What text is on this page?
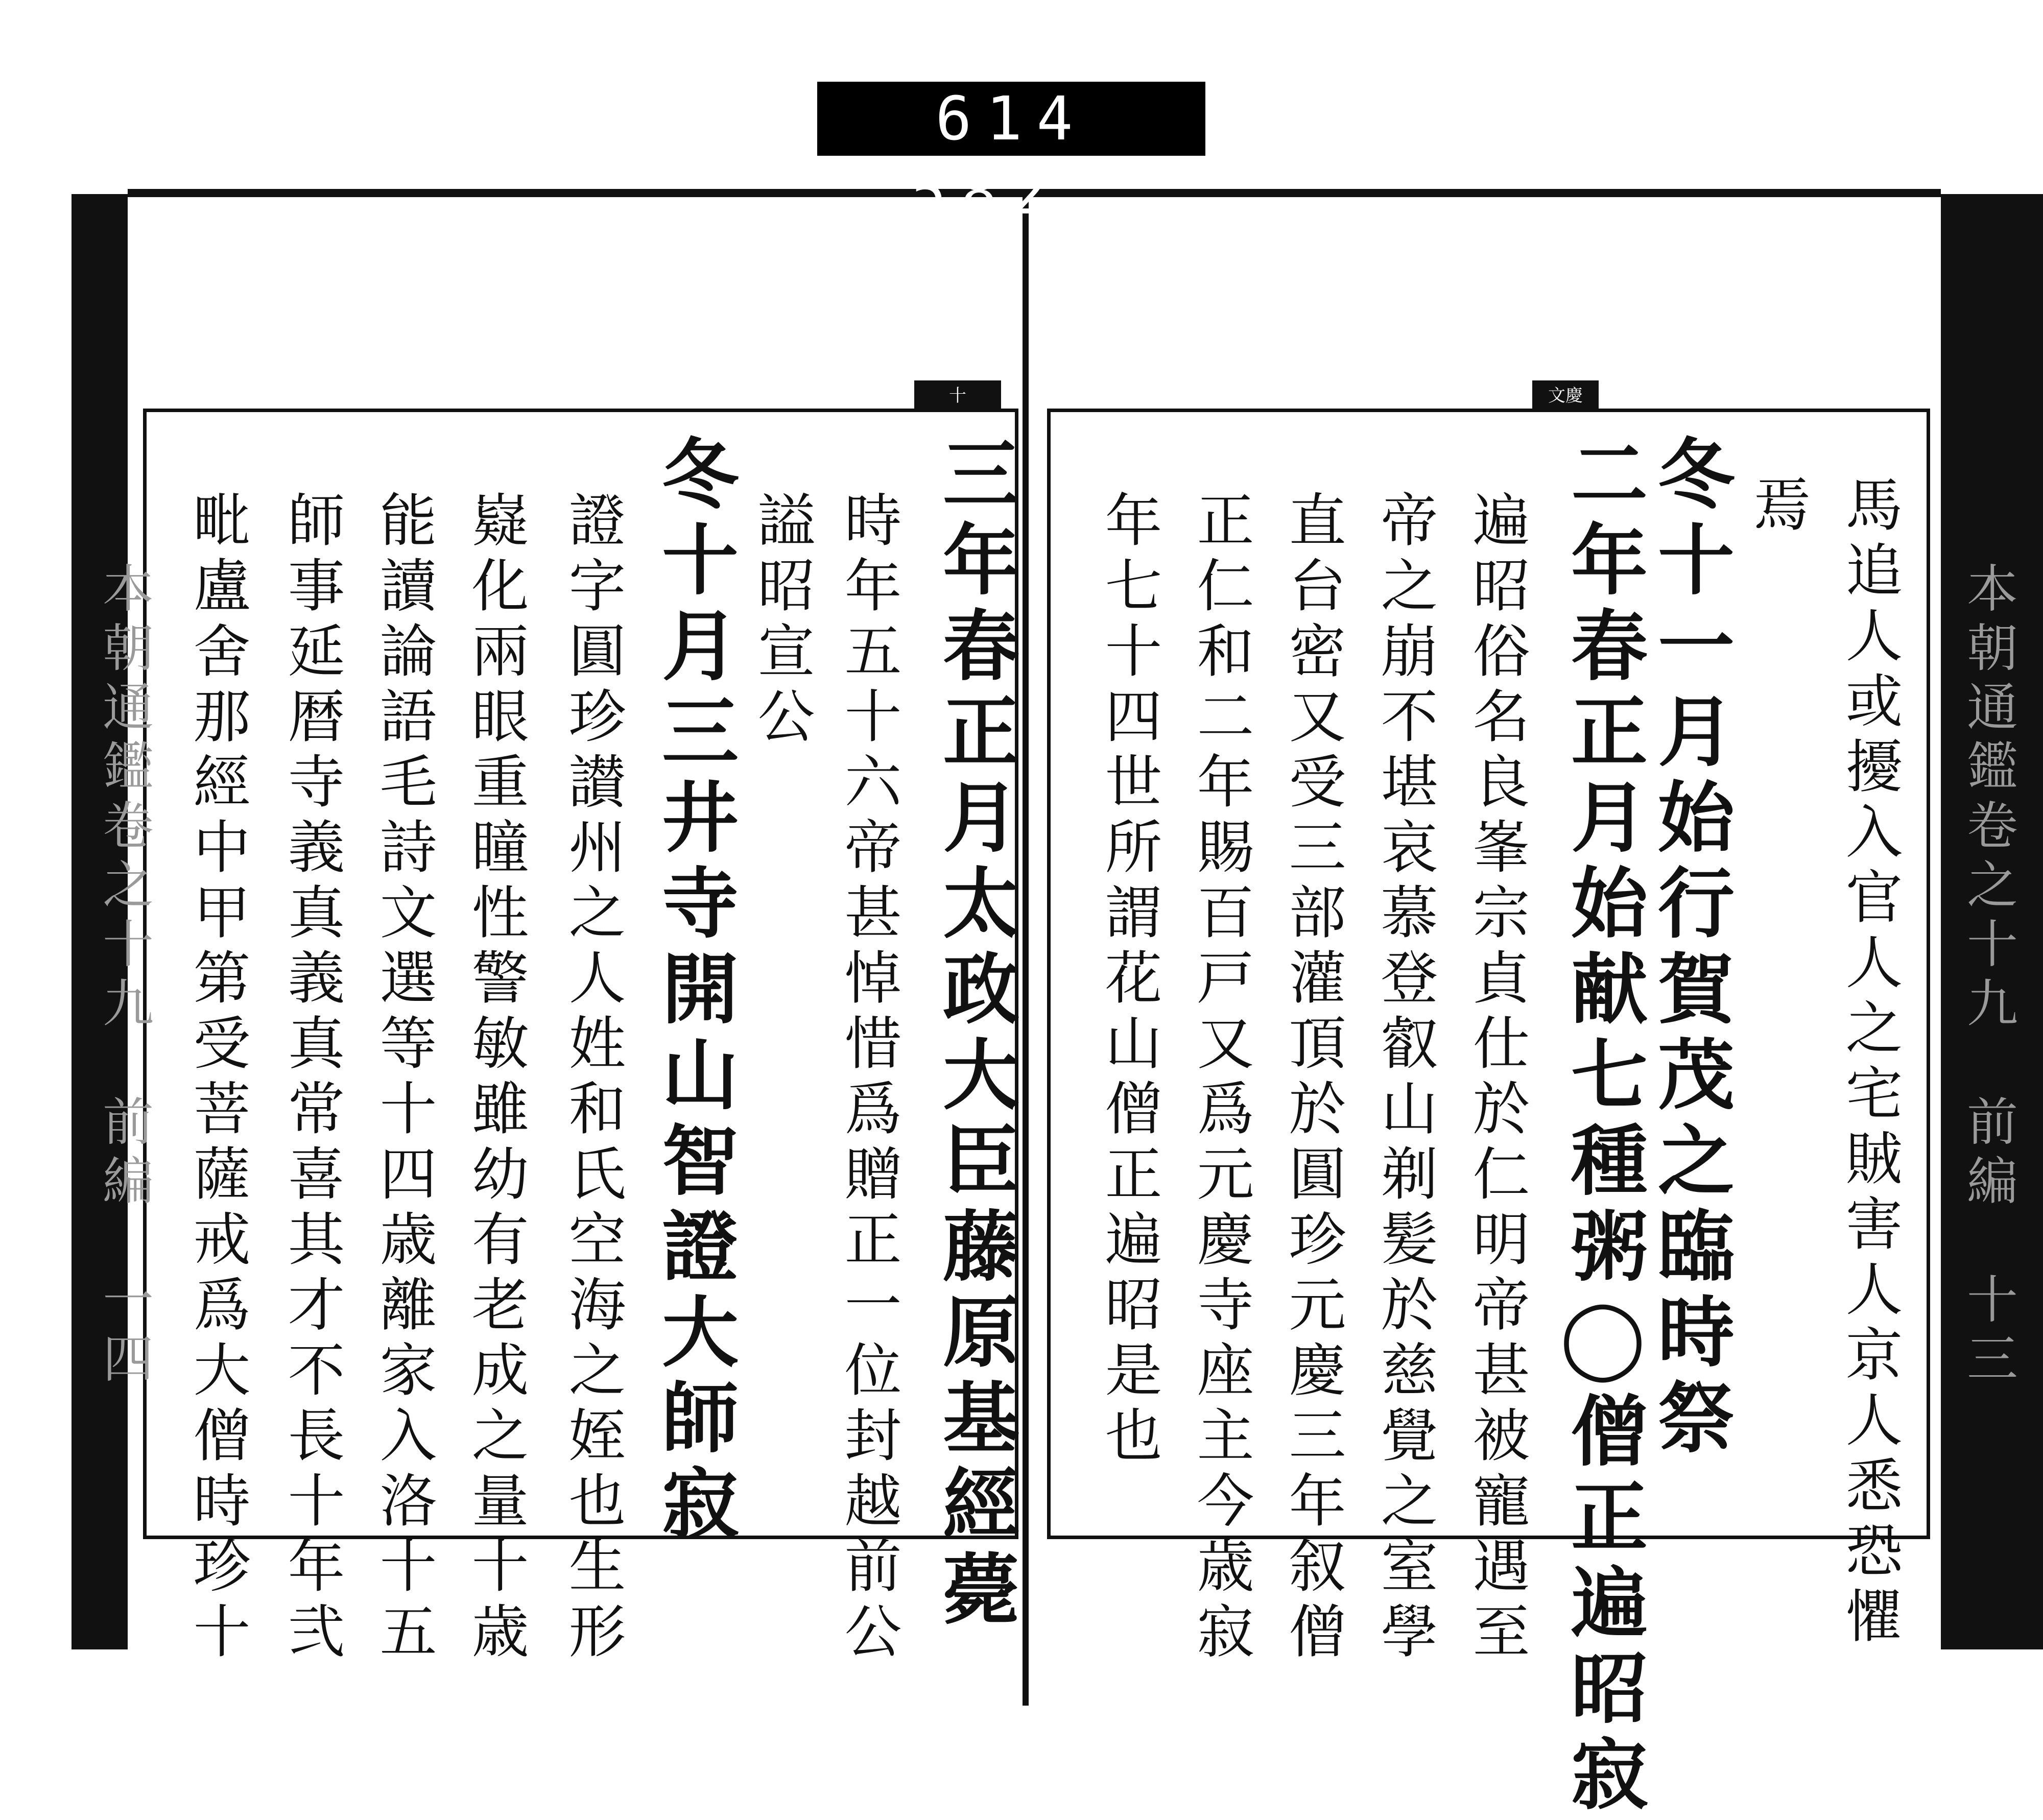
614 582.
十
本朝通鑑卷之十九　前編　一四	三年春正月太政大臣藤原基經薨
時年五十六帝甚悼惜爲贈正一位封越前公
謚昭宣公
冬十月三井寺開山智證大師寂
證字圓珍讃州之人姓和氏空海之姪也生形
嶷化兩眼重瞳性警敏雖幼有老成之量十歳
能讀論語毛詩文選等十四歳離家入洛十五
師事延暦寺義真義真常喜其才不長十年弐
毗盧舍那經中甲第受菩薩戒爲大僧時珍十
文慶
本朝通鑑卷之十九　前編　十三
馬追人或擾入官人之宅賊害人京人悉恐懼
焉
冬十一月始行賀茂之臨時祭
二年春正月始献七種粥◯僧正遍昭寂
遍昭俗名良峯宗貞仕於仁明帝甚被寵遇至
帝之崩不堪哀慕登叡山剃髪於慈覺之室學
直台密又受三部灌頂於圓珍元慶三年叙僧
正仁和二年賜百戸又爲元慶寺座主今歳寂
年七十四世所謂花山僧正遍昭是也
